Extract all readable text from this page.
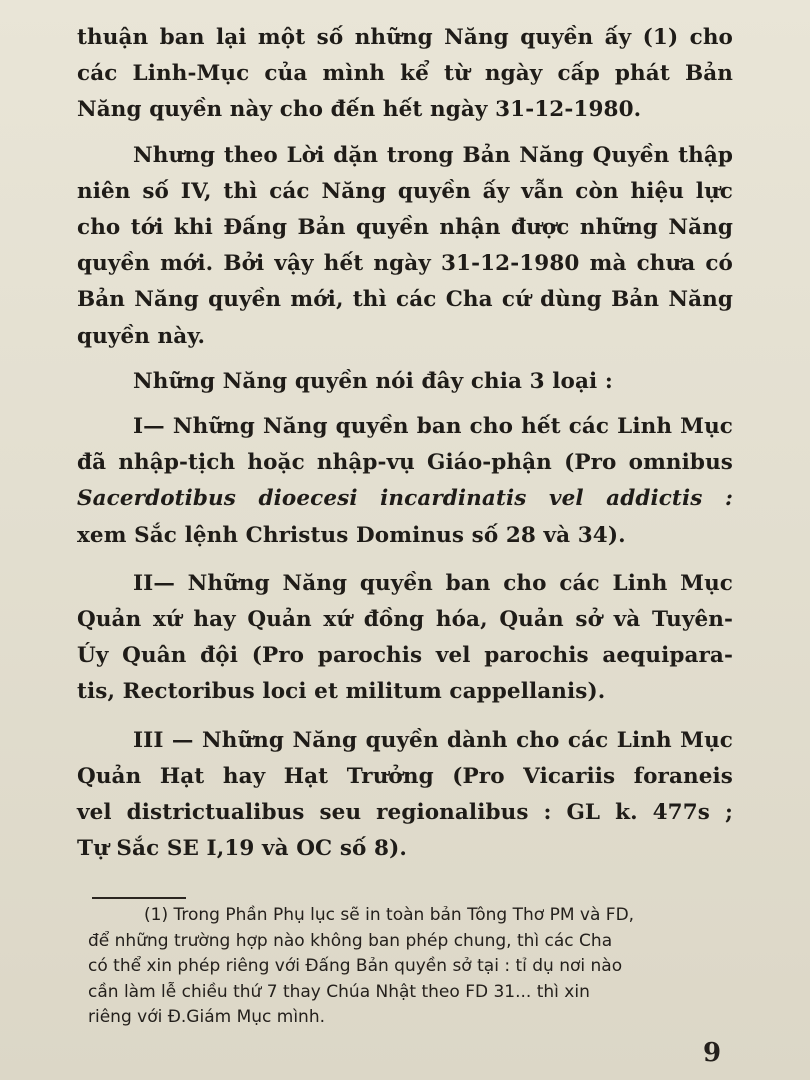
thuận ban lại một số những Năng quyền ấy (1) cho
các Linh-Mục của mình kể từ ngày cấp phát Bản
Năng quyền này cho đến hết ngày 31-12-1980.

Nhưng theo Lời dặn trong Bản Năng Quyền thập
niên số IV, thì các Năng quyền ấy vẫn còn hiệu lực
cho tới khi Đấng Bản quyền nhận được những Năng
quyền mới. Bởi vậy hết ngày 31-12-1980 mà chưa có
Bản Năng quyền mới, thì các Cha cứ dùng Bản Năng
quyền này.

Những Năng quyền nói đây chia 3 loại :

I— Những Năng quyền ban cho hết các Linh Mục
đã nhập-tịch hoặc nhập-vụ Giáo-phận (Pro omnibus
Sacerdotibus dioecesi incardinatis vel addictis :
xem Sắc lệnh Christus Dominus số 28 và 34).

II— Những Năng quyền ban cho các Linh Mục
Quản xứ hay Quản xứ đồng hóa, Quản sở và Tuyên-
Úy Quân đội (Pro parochis vel parochis aequiparа-
tis, Rectoribus loci et militum cappellanis).

III — Những Năng quyền dành cho các Linh Mục
Quản Hạt hay Hạt Trưởng (Pro Vicariis foraneis
vel districtualibus seu regionalibus : GL k. 477s ;
Tự Sắc SE I,19 và OC số 8).

(1) Trong Phần Phụ lục sẽ in toàn bản Tông Thơ PM và FD,
để những trường hợp nào không ban phép chung, thì các Cha
có thể xin phép riêng với Đấng Bản quyền sở tại : tỉ dụ nơi nào
cần làm lễ chiều thứ 7 thay Chúa Nhật theo FD 31... thì xin
riêng với Đ.Giám Mục mình.
9
